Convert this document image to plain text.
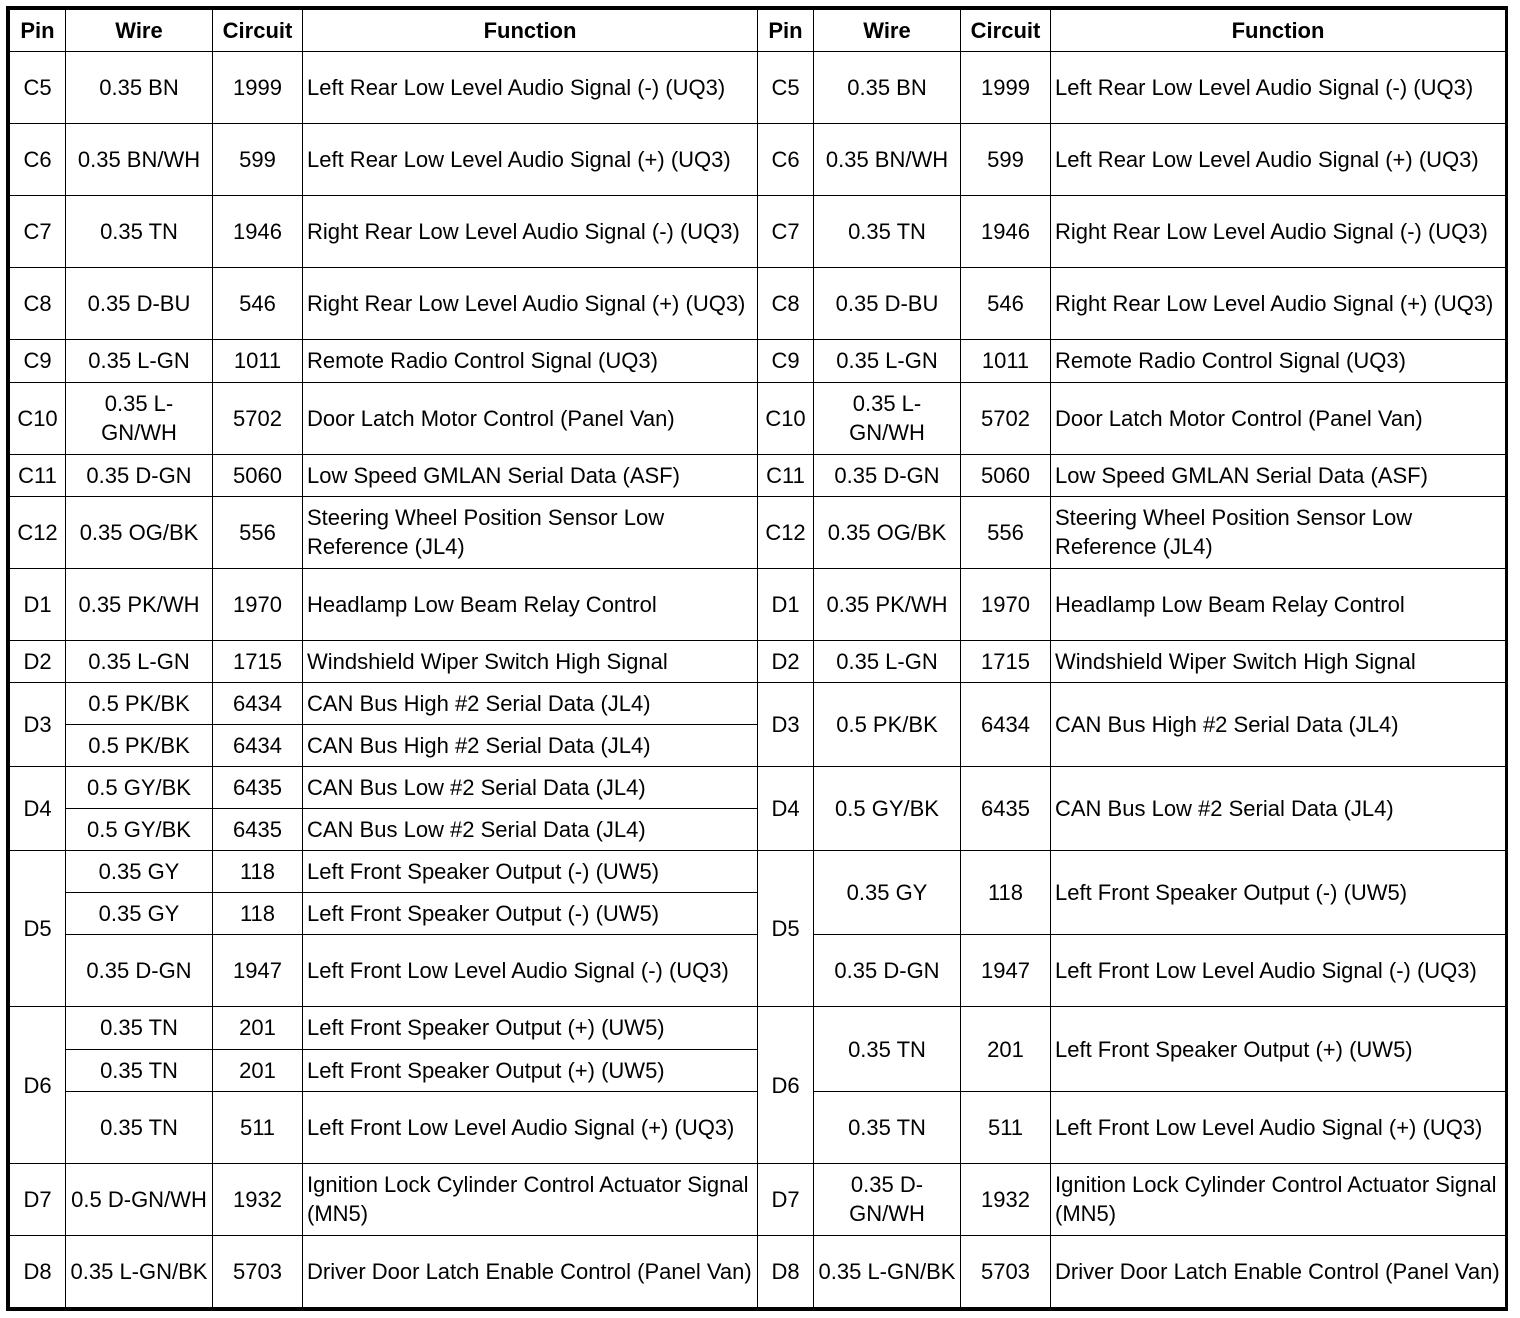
Pin	Wire	Circuit	Function	Pin	Wire	Circuit	Function
C5	0.35 BN	1999	Left Rear Low Level Audio Signal (-) (UQ3)	C5	0.35 BN	1999	Left Rear Low Level Audio Signal (-) (UQ3)
C6	0.35 BN/WH	599	Left Rear Low Level Audio Signal (+) (UQ3)	C6	0.35 BN/WH	599	Left Rear Low Level Audio Signal (+) (UQ3)
C7	0.35 TN	1946	Right Rear Low Level Audio Signal (-) (UQ3)	C7	0.35 TN	1946	Right Rear Low Level Audio Signal (-) (UQ3)
C8	0.35 D-BU	546	Right Rear Low Level Audio Signal (+) (UQ3)	C8	0.35 D-BU	546	Right Rear Low Level Audio Signal (+) (UQ3)
C9	0.35 L-GN	1011	Remote Radio Control Signal (UQ3)	C9	0.35 L-GN	1011	Remote Radio Control Signal (UQ3)
C10	0.35 L-GN/WH	5702	Door Latch Motor Control (Panel Van)	C10	0.35 L-GN/WH	5702	Door Latch Motor Control (Panel Van)
C11	0.35 D-GN	5060	Low Speed GMLAN Serial Data (ASF)	C11	0.35 D-GN	5060	Low Speed GMLAN Serial Data (ASF)
C12	0.35 OG/BK	556	Steering Wheel Position Sensor Low Reference (JL4)	C12	0.35 OG/BK	556	Steering Wheel Position Sensor Low Reference (JL4)
D1	0.35 PK/WH	1970	Headlamp Low Beam Relay Control	D1	0.35 PK/WH	1970	Headlamp Low Beam Relay Control
D2	0.35 L-GN	1715	Windshield Wiper Switch High Signal	D2	0.35 L-GN	1715	Windshield Wiper Switch High Signal
D3	0.5 PK/BK	6434	CAN Bus High #2 Serial Data (JL4)	D3	0.5 PK/BK	6434	CAN Bus High #2 Serial Data (JL4)
	0.5 PK/BK	6434	CAN Bus High #2 Serial Data (JL4)				
D4	0.5 GY/BK	6435	CAN Bus Low #2 Serial Data (JL4)	D4	0.5 GY/BK	6435	CAN Bus Low #2 Serial Data (JL4)
	0.5 GY/BK	6435	CAN Bus Low #2 Serial Data (JL4)				
D5	0.35 GY	118	Left Front Speaker Output (-) (UW5)	D5	0.35 GY	118	Left Front Speaker Output (-) (UW5)
	0.35 GY	118	Left Front Speaker Output (-) (UW5)				
	0.35 D-GN	1947	Left Front Low Level Audio Signal (-) (UQ3)		0.35 D-GN	1947	Left Front Low Level Audio Signal (-) (UQ3)
D6	0.35 TN	201	Left Front Speaker Output (+) (UW5)	D6	0.35 TN	201	Left Front Speaker Output (+) (UW5)
	0.35 TN	201	Left Front Speaker Output (+) (UW5)				
	0.35 TN	511	Left Front Low Level Audio Signal (+) (UQ3)		0.35 TN	511	Left Front Low Level Audio Signal (+) (UQ3)
D7	0.5 D-GN/WH	1932	Ignition Lock Cylinder Control Actuator Signal (MN5)	D7	0.35 D-GN/WH	1932	Ignition Lock Cylinder Control Actuator Signal (MN5)
D8	0.35 L-GN/BK	5703	Driver Door Latch Enable Control (Panel Van)	D8	0.35 L-GN/BK	5703	Driver Door Latch Enable Control (Panel Van)
